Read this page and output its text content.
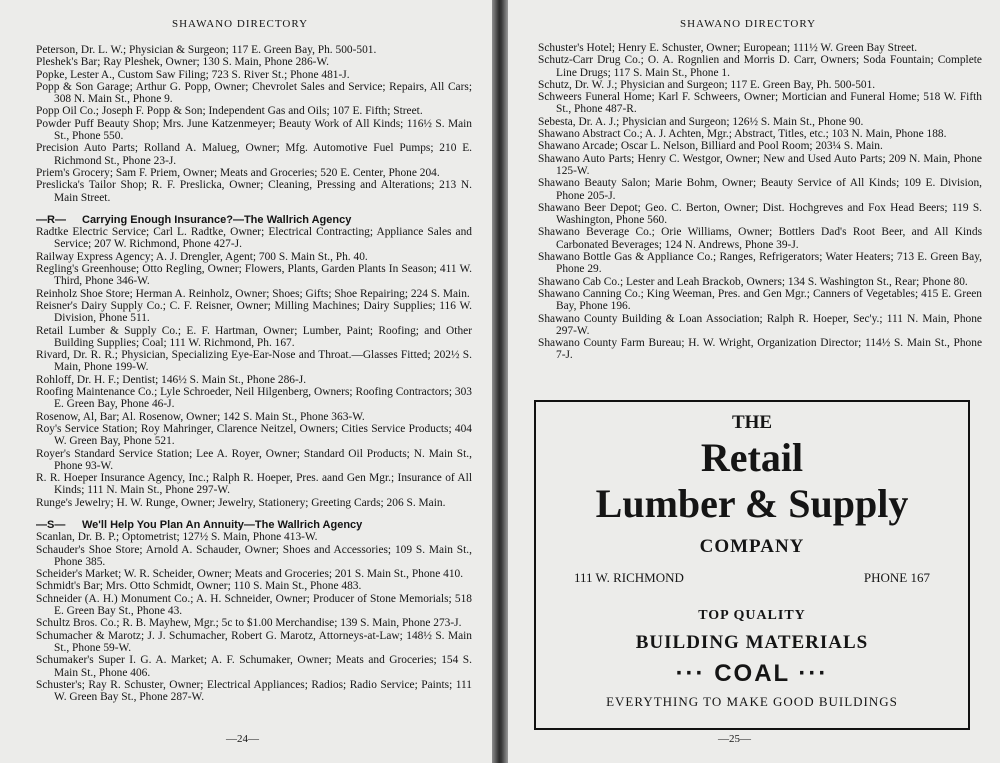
SHAWANO DIRECTORY

Peterson, Dr. L. W.; Physician & Surgeon; 117 E. Green Bay, Ph. 500-501.

Pleshek's Bar; Ray Pleshek, Owner; 130 S. Main, Phone 286-W.

Popke, Lester A., Custom Saw Filing; 723 S. River St.; Phone 481-J.

Popp & Son Garage; Arthur G. Popp, Owner; Chevrolet Sales and Service; Repairs, All Cars; 308 N. Main St., Phone 9.

Popp Oil Co.; Joseph F. Popp & Son; Independent Gas and Oils; 107 E. Fifth; Street.

Powder Puff Beauty Shop; Mrs. June Katzenmeyer; Beauty Work of All Kinds; 116½ S. Main St., Phone 550.

Precision Auto Parts; Rolland A. Malueg, Owner; Mfg. Automotive Fuel Pumps; 210 E. Richmond St., Phone 23-J.

Priem's Grocery; Sam F. Priem, Owner; Meats and Groceries; 520 E. Center, Phone 204.

Preslicka's Tailor Shop; R. F. Preslicka, Owner; Cleaning, Pressing and Alterations; 213 N. Main Street.

—R—	Carrying Enough Insurance?—The Wallrich Agency

Radtke Electric Service; Carl L. Radtke, Owner; Electrical Contracting; Appliance Sales and Service; 207 W. Richmond, Phone 427-J.

Railway Express Agency; A. J. Drengler, Agent; 700 S. Main St., Ph. 40.

Regling's Greenhouse; Otto Regling, Owner; Flowers, Plants, Garden Plants In Season; 411 W. Third, Phone 346-W.

Reinholz Shoe Store; Herman A. Reinholz, Owner; Shoes; Gifts; Shoe Repairing; 224 S. Main.

Reisner's Dairy Supply Co.; C. F. Reisner, Owner; Milling Machines; Dairy Supplies; 116 W. Division, Phone 511.

Retail Lumber & Supply Co.; E. F. Hartman, Owner; Lumber, Paint; Roofing; and Other Building Supplies; Coal; 111 W. Richmond, Ph. 167.

Rivard, Dr. R. R.; Physician, Specializing Eye-Ear-Nose and Throat.—Glasses Fitted; 202½ S. Main, Phone 199-W.

Rohloff, Dr. H. F.; Dentist; 146½ S. Main St., Phone 286-J.

Roofing Maintenance Co.; Lyle Schroeder, Neil Hilgenberg, Owners; Roofing Contractors; 303 E. Green Bay, Phone 46-J.

Rosenow, Al, Bar; Al. Rosenow, Owner; 142 S. Main St., Phone 363-W.

Roy's Service Station; Roy Mahringer, Clarence Neitzel, Owners; Cities Service Products; 404 W. Green Bay, Phone 521.

Royer's Standard Service Station; Lee A. Royer, Owner; Standard Oil Products; N. Main St., Phone 93-W.

R. R. Hoeper Insurance Agency, Inc.; Ralph R. Hoeper, Pres. aand Gen Mgr.; Insurance of All Kinds; 111 N. Main St., Phone 297-W.

Runge's Jewelry; H. W. Runge, Owner; Jewelry, Stationery; Greeting Cards; 206 S. Main.

—S—	We'll Help You Plan An Annuity—The Wallrich Agency

Scanlan, Dr. B. P.; Optometrist; 127½ S. Main, Phone 413-W.

Schauder's Shoe Store; Arnold A. Schauder, Owner; Shoes and Accessories; 109 S. Main St., Phone 385.

Scheider's Market; W. R. Scheider, Owner; Meats and Groceries; 201 S. Main St., Phone 410.

Schmidt's Bar; Mrs. Otto Schmidt, Owner; 110 S. Main St., Phone 483.

Schneider (A. H.) Monument Co.; A. H. Schneider, Owner; Producer of Stone Memorials; 518 E. Green Bay St., Phone 43.

Schultz Bros. Co.; R. B. Mayhew, Mgr.; 5c to $1.00 Merchandise; 139 S. Main, Phone 273-J.

Schumacher & Marotz; J. J. Schumacher, Robert G. Marotz, Attorneys-at-Law; 148½ S. Main St., Phone 59-W.

Schumaker's Super I. G. A. Market; A. F. Schumaker, Owner; Meats and Groceries; 154 S. Main St., Phone 406.

Schuster's; Ray R. Schuster, Owner; Electrical Appliances; Radios; Radio Service; Paints; 111 W. Green Bay St., Phone 287-W.

—24—
SHAWANO DIRECTORY

Schuster's Hotel; Henry E. Schuster, Owner; European; 111½ W. Green Bay Street.

Schutz-Carr Drug Co.; O. A. Rognlien and Morris D. Carr, Owners; Soda Fountain; Complete Line Drugs; 117 S. Main St., Phone 1.

Schutz, Dr. W. J.; Physician and Surgeon; 117 E. Green Bay, Ph. 500-501.

Schweers Funeral Home; Karl F. Schweers, Owner; Mortician and Funeral Home; 518 W. Fifth St., Phone 487-R.

Sebesta, Dr. A. J.; Physician and Surgeon; 126½ S. Main St., Phone 90.

Shawano Abstract Co.; A. J. Achten, Mgr.; Abstract, Titles, etc.; 103 N. Main, Phone 188.

Shawano Arcade; Oscar L. Nelson, Billiard and Pool Room; 203¼ S. Main.

Shawano Auto Parts; Henry C. Westgor, Owner; New and Used Auto Parts; 209 N. Main, Phone 125-W.

Shawano Beauty Salon; Marie Bohm, Owner; Beauty Service of All Kinds; 109 E. Division, Phone 205-J.

Shawano Beer Depot; Geo. C. Berton, Owner; Dist. Hochgreves and Fox Head Beers; 119 S. Washington, Phone 560.

Shawano Beverage Co.; Orie Williams, Owner; Bottlers Dad's Root Beer, and All Kinds Carbonated Beverages; 124 N. Andrews, Phone 39-J.

Shawano Bottle Gas & Appliance Co.; Ranges, Refrigerators; Water Heaters; 713 E. Green Bay, Phone 29.

Shawano Cab Co.; Lester and Leah Brackob, Owners; 134 S. Washington St., Rear; Phone 80.

Shawano Canning Co.; King Weeman, Pres. and Gen Mgr.; Canners of Vegetables; 415 E. Green Bay, Phone 196.

Shawano County Building & Loan Association; Ralph R. Hoeper, Sec'y.; 111 N. Main, Phone 297-W.

Shawano County Farm Bureau; H. W. Wright, Organization Director; 114½ S. Main St., Phone 7-J.

THE
Retail
Lumber & Supply
COMPANY
111 W. RICHMOND	PHONE 167
TOP QUALITY
BUILDING MATERIALS
··· COAL ···
EVERYTHING TO MAKE GOOD BUILDINGS
—25—
